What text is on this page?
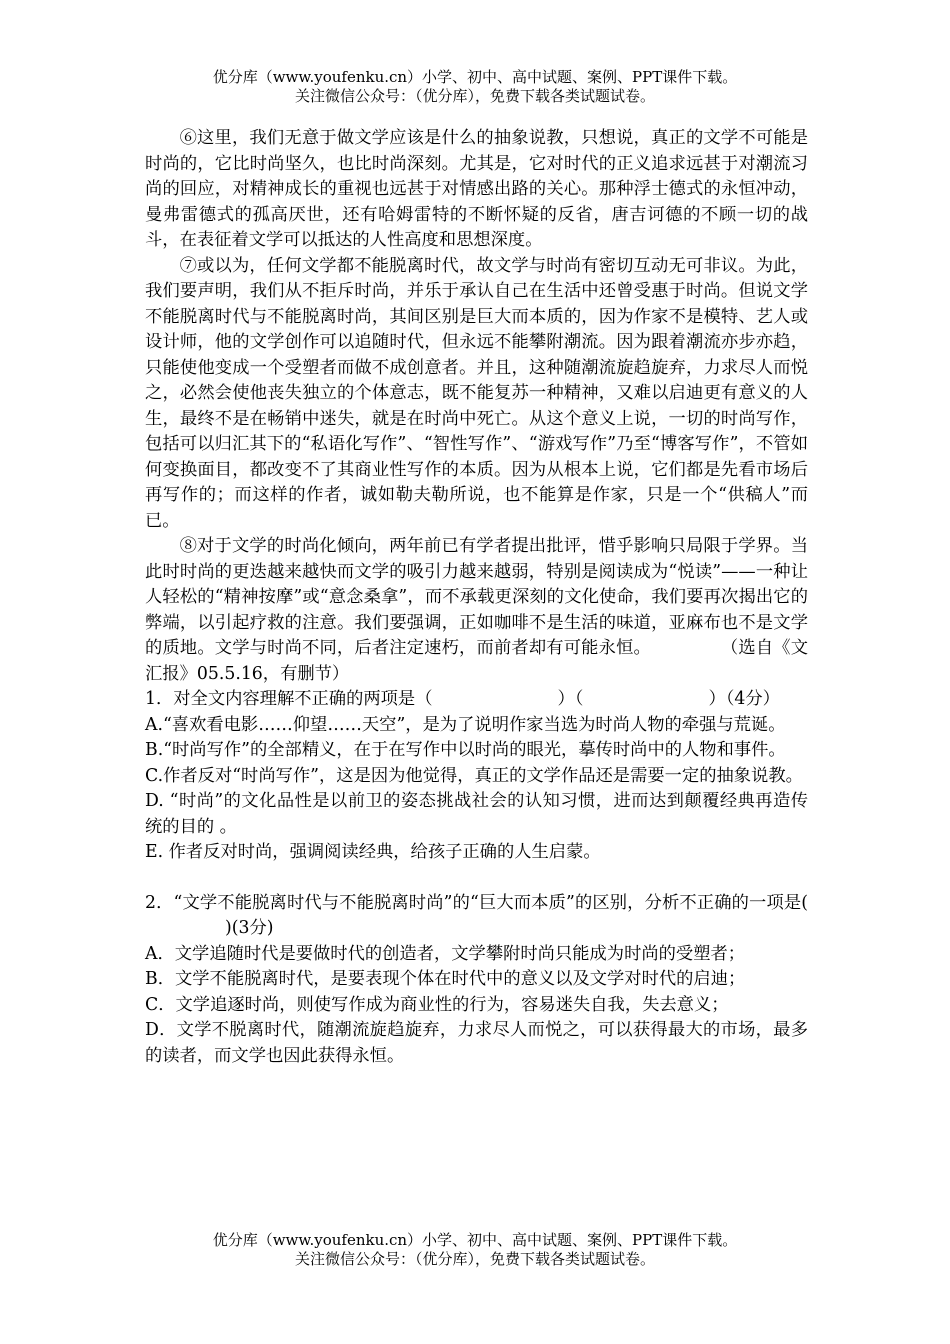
优分库（www.youfenku.cn）小学、初中、高中试题、案例、PPT课件下载。
关注微信公众号：（优分库），免费下载各类试题试卷。

⑥这里，我们无意于做文学应该是什么的抽象说教，只想说，真正的文学不可能是时尚的，它比时尚坚久，也比时尚深刻。尤其是，它对时代的正义追求远甚于对潮流习尚的回应，对精神成长的重视也远甚于对情感出路的关心。那种浮士德式的永恒冲动，曼弗雷德式的孤高厌世，还有哈姆雷特的不断怀疑的反省，唐吉诃德的不顾一切的战斗，在表征着文学可以抵达的人性高度和思想深度。

⑦或以为，任何文学都不能脱离时代，故文学与时尚有密切互动无可非议。为此，我们要声明，我们从不拒斥时尚，并乐于承认自己在生活中还曾受惠于时尚。但说文学不能脱离时代与不能脱离时尚，其间区别是巨大而本质的，因为作家不是模特、艺人或设计师，他的文学创作可以追随时代，但永远不能攀附潮流。因为跟着潮流亦步亦趋，只能使他变成一个受塑者而做不成创意者。并且，这种随潮流旋趋旋弃，力求尽人而悦之，必然会使他丧失独立的个体意志，既不能复苏一种精神，又难以启迪更有意义的人生，最终不是在畅销中迷失，就是在时尚中死亡。从这个意义上说，一切的时尚写作，包括可以归汇其下的“私语化写作”、“智性写作”、“游戏写作”乃至“博客写作”，不管如何变换面目，都改变不了其商业性写作的本质。因为从根本上说，它们都是先看市场后再写作的；而这样的作者，诚如勒夫勒所说，也不能算是作家，只是一个“供稿人”而已。

⑧对于文学的时尚化倾向，两年前已有学者提出批评，惜乎影响只局限于学界。当此时时尚的更迭越来越快而文学的吸引力越来越弱，特别是阅读成为“悦读”——一种让人轻松的“精神按摩”或“意念桑拿”，而不承载更深刻的文化使命，我们要再次揭出它的弊端，以引起疗救的注意。我们要强调，正如咖啡不是生活的味道，亚麻布也不是文学的质地。文学与时尚不同，后者注定速朽，而前者却有可能永恒。　　　　　	（选自《文汇报》05.5.16，有删节）

1．对全文内容理解不正确的两项是（	）（	）（4分）

A.“喜欢看电影……仰望……天空”，是为了说明作家当选为时尚人物的牵强与荒诞。

B.“时尚写作”的全部精义，在于在写作中以时尚的眼光，摹传时尚中的人物和事件。

C.作者反对“时尚写作”，这是因为他觉得，真正的文学作品还是需要一定的抽象说教。

D. “时尚”的文化品性是以前卫的姿态挑战社会的认知习惯，进而达到颠覆经典再造传统的目的 。

E. 作者反对时尚，强调阅读经典，给孩子正确的人生启蒙。

2．“文学不能脱离时代与不能脱离时尚”的“巨大而本质”的区别，分析不正确的一项是()(3分)

A．文学追随时代是要做时代的创造者，文学攀附时尚只能成为时尚的受塑者；

B．文学不能脱离时代，是要表现个体在时代中的意义以及文学对时代的启迪；

C．文学追逐时尚，则使写作成为商业性的行为，容易迷失自我，失去意义；

D．文学不脱离时代，随潮流旋趋旋弃，力求尽人而悦之，可以获得最大的市场，最多的读者，而文学也因此获得永恒。

优分库（www.youfenku.cn）小学、初中、高中试题、案例、PPT课件下载。
关注微信公众号：（优分库），免费下载各类试题试卷。
